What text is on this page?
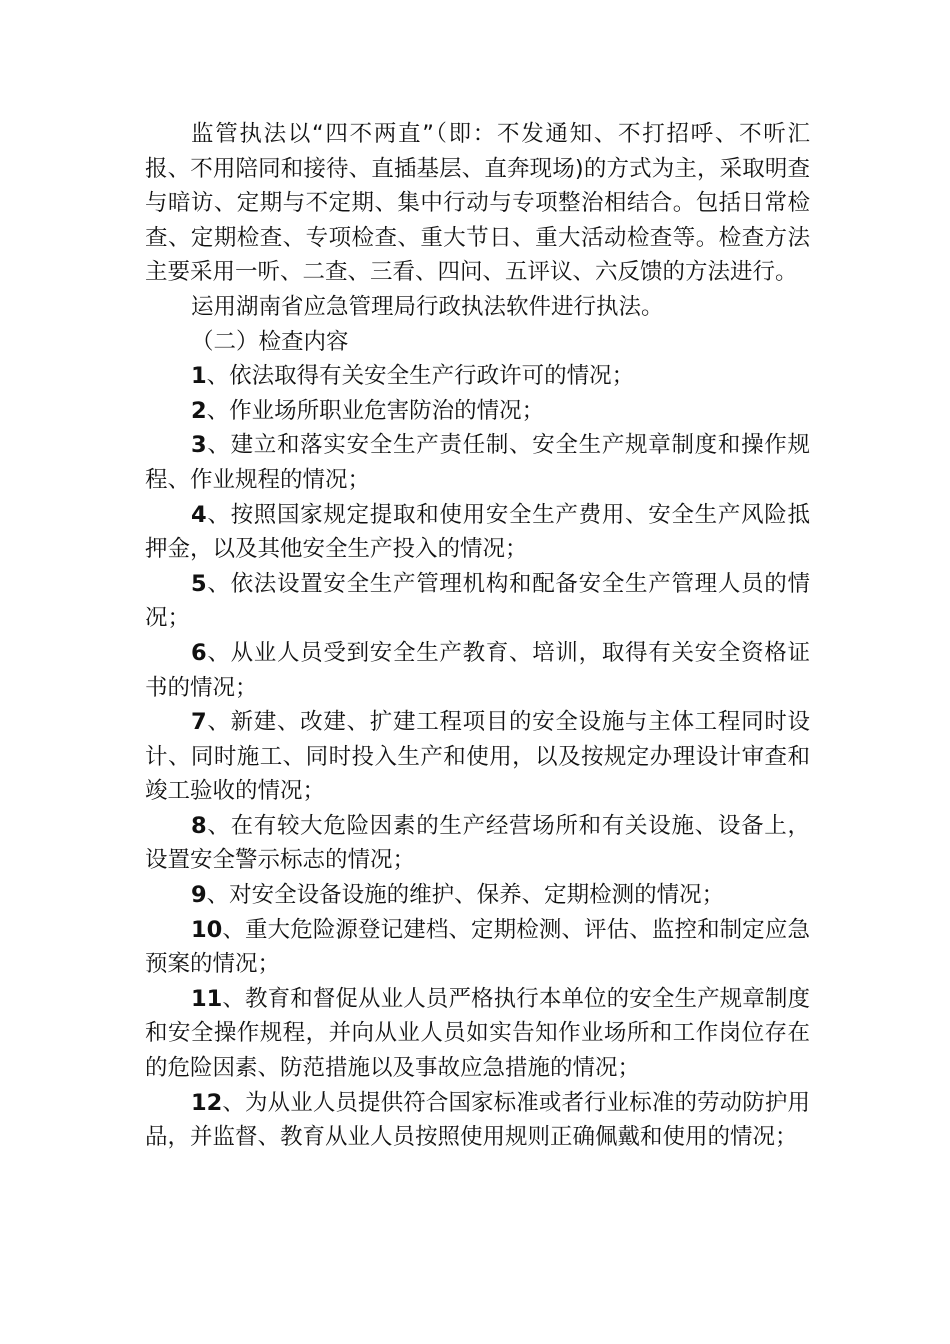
监管执法以“四不两直”（即：不发通知、不打招呼、不听汇报、不用陪同和接待、直插基层、直奔现场)的方式为主，采取明查与暗访、定期与不定期、集中行动与专项整治相结合。包括日常检查、定期检查、专项检查、重大节日、重大活动检查等。检查方法主要采用一听、二查、三看、四问、五评议、六反馈的方法进行。

运用湖南省应急管理局行政执法软件进行执法。

（二）检查内容

1、依法取得有关安全生产行政许可的情况；

2、作业场所职业危害防治的情况；

3、建立和落实安全生产责任制、安全生产规章制度和操作规程、作业规程的情况；

4、按照国家规定提取和使用安全生产费用、安全生产风险抵押金，以及其他安全生产投入的情况；

5、依法设置安全生产管理机构和配备安全生产管理人员的情况；

6、从业人员受到安全生产教育、培训，取得有关安全资格证书的情况；

7、新建、改建、扩建工程项目的安全设施与主体工程同时设计、同时施工、同时投入生产和使用，以及按规定办理设计审查和竣工验收的情况；

8、在有较大危险因素的生产经营场所和有关设施、设备上，设置安全警示标志的情况；

9、对安全设备设施的维护、保养、定期检测的情况；

10、重大危险源登记建档、定期检测、评估、监控和制定应急预案的情况；

11、教育和督促从业人员严格执行本单位的安全生产规章制度和安全操作规程，并向从业人员如实告知作业场所和工作岗位存在的危险因素、防范措施以及事故应急措施的情况；

12、为从业人员提供符合国家标准或者行业标准的劳动防护用品，并监督、教育从业人员按照使用规则正确佩戴和使用的情况；
